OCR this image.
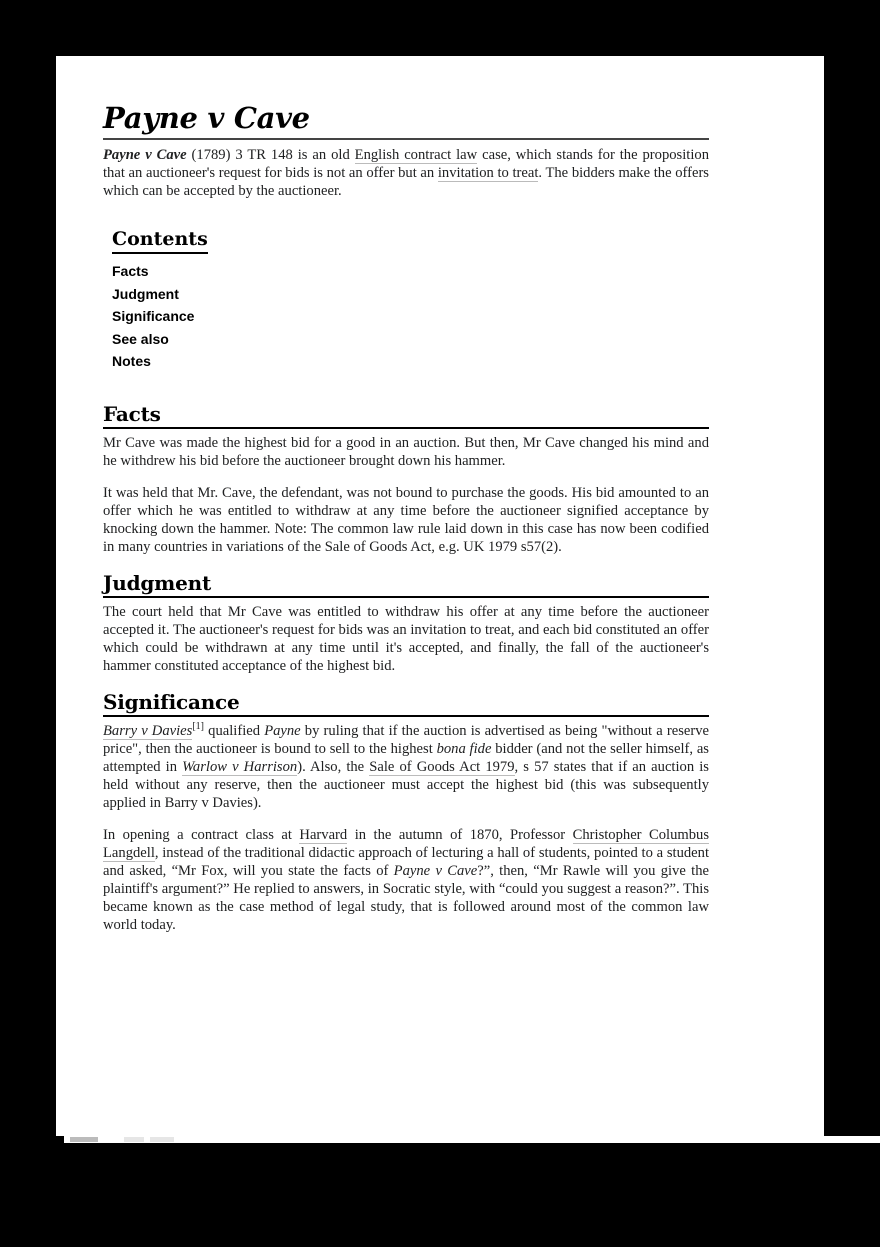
Payne v Cave

Payne v Cave (1789) 3 TR 148 is an old English contract law case, which stands for the proposition that an auctioneer's request for bids is not an offer but an invitation to treat. The bidders make the offers which can be accepted by the auctioneer.

Contents
Facts
Judgment
Significance
See also
Notes
Facts

Mr Cave was made the highest bid for a good in an auction. But then, Mr Cave changed his mind and he withdrew his bid before the auctioneer brought down his hammer.

It was held that Mr. Cave, the defendant, was not bound to purchase the goods. His bid amounted to an offer which he was entitled to withdraw at any time before the auctioneer signified acceptance by knocking down the hammer. Note: The common law rule laid down in this case has now been codified in many countries in variations of the Sale of Goods Act, e.g. UK 1979 s57(2).

Judgment

The court held that Mr Cave was entitled to withdraw his offer at any time before the auctioneer accepted it. The auctioneer's request for bids was an invitation to treat, and each bid constituted an offer which could be withdrawn at any time until it's accepted, and finally, the fall of the auctioneer's hammer constituted acceptance of the highest bid.

Significance

Barry v Davies[1] qualified Payne by ruling that if the auction is advertised as being "without a reserve price", then the auctioneer is bound to sell to the highest bona fide bidder (and not the seller himself, as attempted in Warlow v Harrison). Also, the Sale of Goods Act 1979, s 57 states that if an auction is held without any reserve, then the auctioneer must accept the highest bid (this was subsequently applied in Barry v Davies).

In opening a contract class at Harvard in the autumn of 1870, Professor Christopher Columbus Langdell, instead of the traditional didactic approach of lecturing a hall of students, pointed to a student and asked, “Mr Fox, will you state the facts of Payne v Cave?”, then, “Mr Rawle will you give the plaintiff's argument?” He replied to answers, in Socratic style, with “could you suggest a reason?”. This became known as the case method of legal study, that is followed around most of the common law world today.
